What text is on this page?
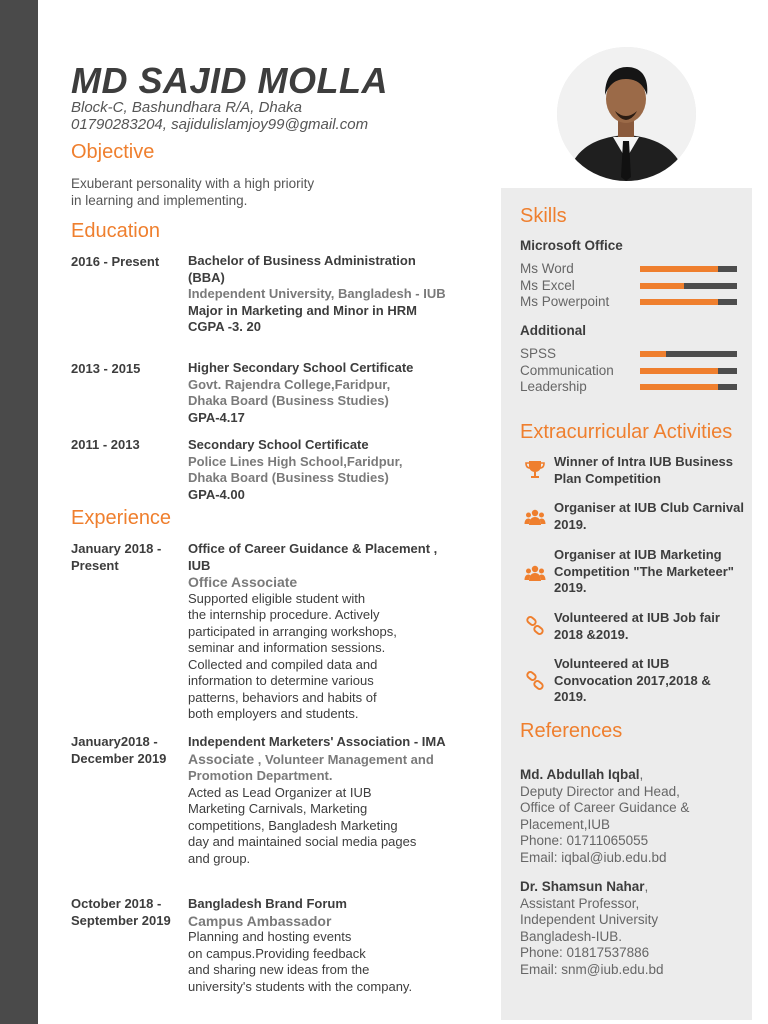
MD SAJID MOLLA
Block-C, Bashundhara R/A, Dhaka
01790283204, sajidulislamjoy99@gmail.com
Objective
Exuberant personality with a high priority
in learning and implementing.
Education
2016 - Present Bachelor of Business Administration (BBA)
Independent University, Bangladesh - IUB
Major in Marketing and Minor in HRM
CGPA -3. 20
2013 - 2015	Higher Secondary School Certificate
Govt. Rajendra College,Faridpur,
Dhaka Board (Business Studies)
GPA-4.17
2011 - 2013	Secondary School Certificate
Police Lines High School,Faridpur,
Dhaka Board (Business Studies)
GPA-4.00
Experience
January 2018 -
Present
Office of Career Guidance & Placement , IUB
Office Associate
Supported eligible student with
the internship procedure. Actively
participated in arranging workshops,
seminar and information sessions.
Collected and compiled data and
information to determine various
patterns, behaviors and habits of
both employers and students.
January2018 -
December 2019
Independent Marketers' Association - IMA
Associate , Volunteer Management and Promotion Department.
Acted as Lead Organizer at IUB
Marketing Carnivals, Marketing
competitions, Bangladesh Marketing
day and maintained social media pages
and group.
October 2018 -
September 2019
Bangladesh Brand Forum
Campus Ambassador
Planning and hosting events
on campus.Providing feedback
and sharing new ideas from the
university's students with the company.
Skills
Microsoft Office
Ms Word
Ms Excel
Ms Powerpoint
Additional
SPSS
Communication
Leadership
Extracurricular Activities
Winner of Intra IUB Business Plan Competition
Organiser at IUB Club Carnival 2019.
Organiser at IUB Marketing Competition "The Marketeer" 2019.
Volunteered at IUB Job fair 2018 &2019.
Volunteered at IUB Convocation 2017,2018 & 2019.
References
Md. Abdullah Iqbal,
Deputy Director and Head,
Office of Career Guidance &
Placement,IUB
Phone: 01711065055
Email: iqbal@iub.edu.bd
Dr. Shamsun Nahar,
Assistant Professor,
Independent University
Bangladesh-IUB.
Phone: 01817537886
Email: snm@iub.edu.bd
